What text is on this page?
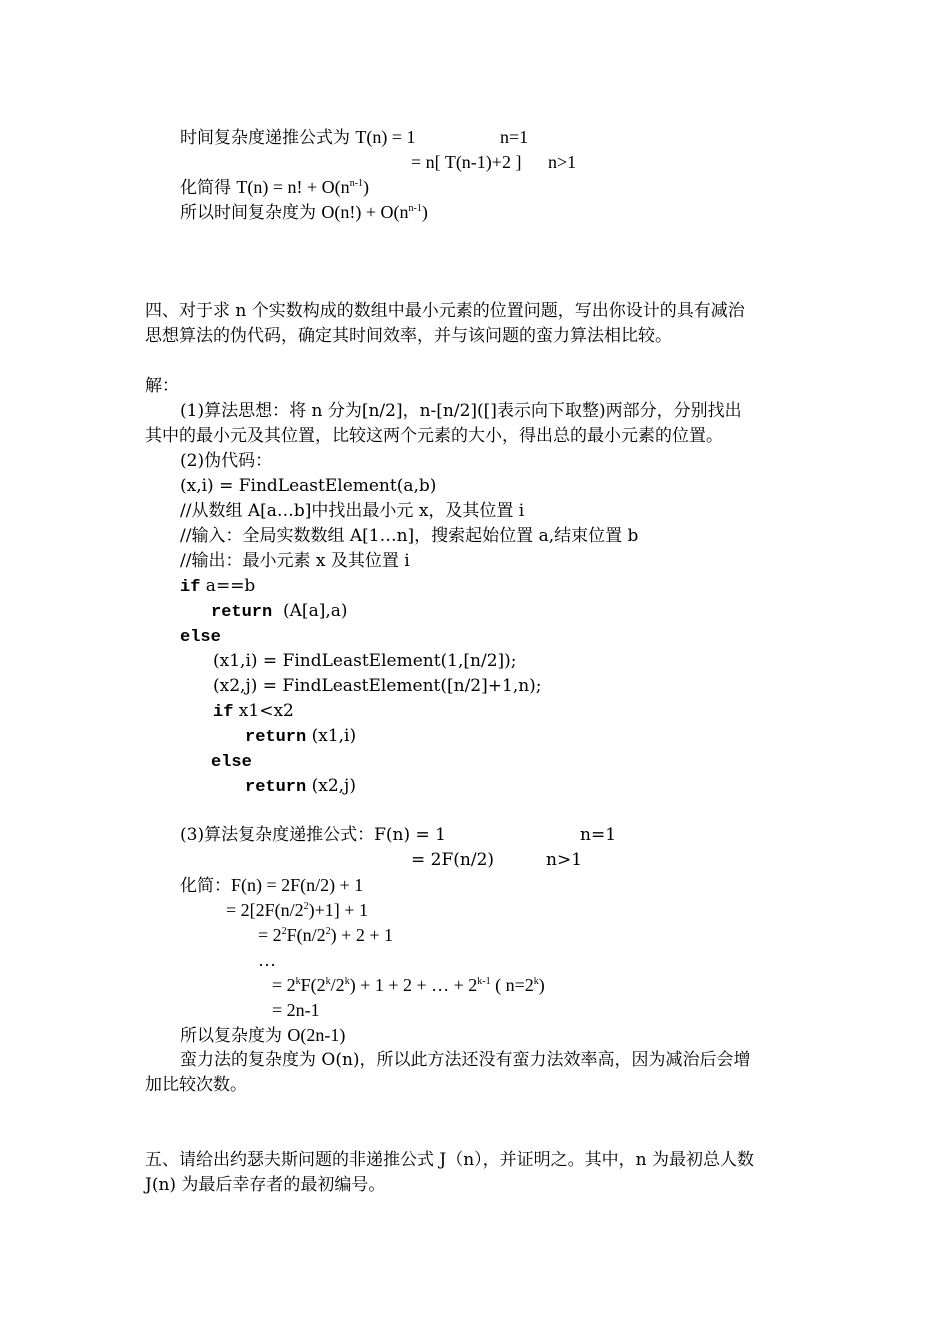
时间复杂度递推公式为 T(n) = 1	n=1
= n[ T(n-1)+2 ] n>1
化简得 T(n) = n! + $O(n^{n-1})$
所以时间复杂度为 $O(n!) + O(n^{n-1})$
四、对于求 n 个实数构成的数组中最小元素的位置问题，写出你设计的具有减治
思想算法的伪代码，确定其时间效率，并与该问题的蛮力算法相比较。
解：
(1)算法思想：将 n 分为[n/2]，n-[n/2]([]表示向下取整)两部分，分别找出
其中的最小元及其位置，比较这两个元素的大小，得出总的最小元素的位置。
(2)伪代码：
(x,i) = FindLeastElement(a,b)
//从数组 A[a…b]中找出最小元 x，及其位置 i
//输入：全局实数数组 A[1…n]，搜索起始位置 a,结束位置 b
//输出：最小元素 x 及其位置 i
if a==b
return  (A[a],a)
else
(x1,i) = FindLeastElement(1,[n/2]);
(x2,j) = FindLeastElement([n/2]+1,n);
if x1<x2
return (x1,i)
else
return (x2,j)
(3)算法复杂度递推公式：F(n) = 1	n=1
= 2F(n/2)	n>1
化简：F(n) = 2F(n/2) + 1
= $2[2F(n/2^2)+1] + 1$
= $2^2F(n/2^2) + 2 + 1$
…
= $2^kF(2^k/2^k) + 1 + 2$ + … + $2^{k-1}$ ( $n=2^k$)
= 2n-1
所以复杂度为 O(2n-1)
蛮力法的复杂度为 O(n)，所以此方法还没有蛮力法效率高，因为减治后会增
加比较次数。
五、请给出约瑟夫斯问题的非递推公式 J（n），并证明之。其中，n 为最初总人数
J(n) 为最后幸存者的最初编号。
